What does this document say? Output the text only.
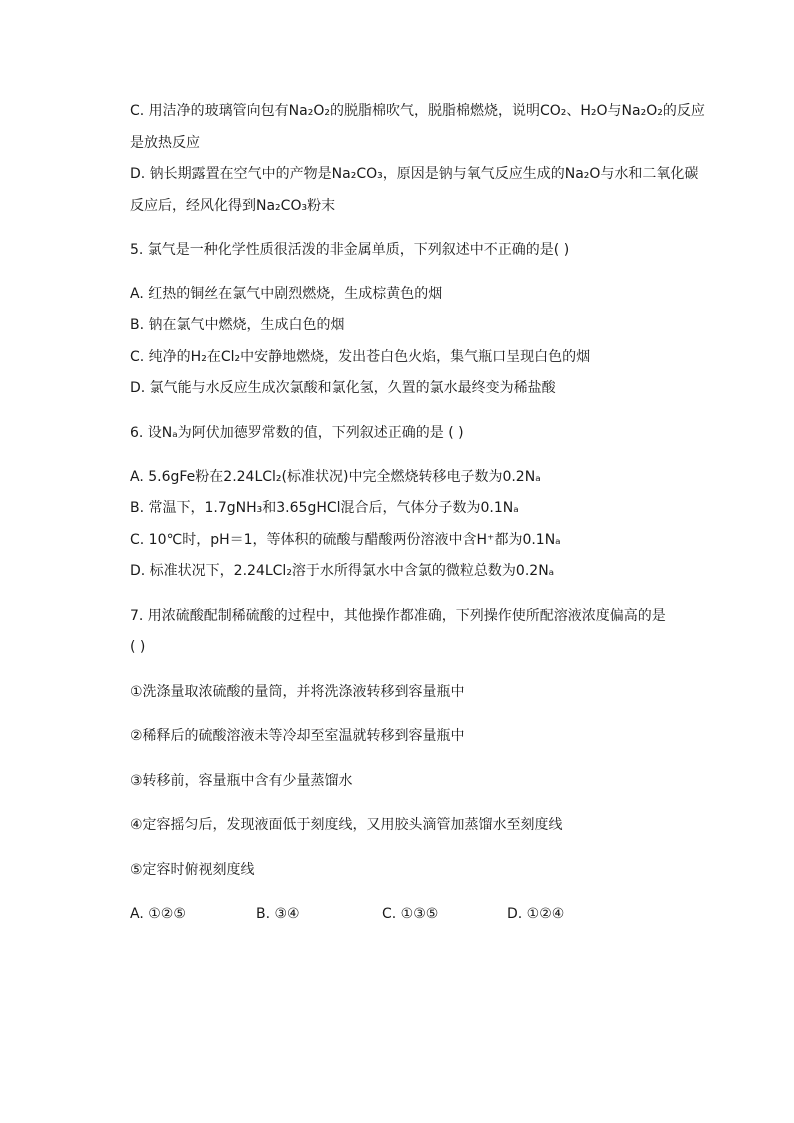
C. 用洁净的玻璃管向包有Na₂O₂的脱脂棉吹气，脱脂棉燃烧，说明CO₂、H₂O与Na₂O₂的反应
是放热反应
D. 钠长期露置在空气中的产物是Na₂CO₃，原因是钠与氧气反应生成的Na₂O与水和二氧化碳
反应后，经风化得到Na₂CO₃粉末
5. 氯气是一种化学性质很活泼的非金属单质，下列叙述中不正确的是( )
A. 红热的铜丝在氯气中剧烈燃烧，生成棕黄色的烟
B. 钠在氯气中燃烧，生成白色的烟
C. 纯净的H₂在Cl₂中安静地燃烧，发出苍白色火焰，集气瓶口呈现白色的烟
D. 氯气能与水反应生成次氯酸和氯化氢，久置的氯水最终变为稀盐酸
6. 设Nₐ为阿伏加德罗常数的值，下列叙述正确的是 ( )
A. 5.6gFe粉在2.24LCl₂(标准状况)中完全燃烧转移电子数为0.2Nₐ
B. 常温下，1.7gNH₃和3.65gHCl混合后，气体分子数为0.1Nₐ
C. 10℃时，pH＝1，等体积的硫酸与醋酸两份溶液中含H⁺都为0.1Nₐ
D. 标准状况下，2.24LCl₂溶于水所得氯水中含氯的微粒总数为0.2Nₐ
7. 用浓硫酸配制稀硫酸的过程中，其他操作都准确，下列操作使所配溶液浓度偏高的是
( )
①洗涤量取浓硫酸的量筒，并将洗涤液转移到容量瓶中
②稀释后的硫酸溶液未等冷却至室温就转移到容量瓶中
③转移前，容量瓶中含有少量蒸馏水
④定容摇匀后，发现液面低于刻度线，又用胶头滴管加蒸馏水至刻度线
⑤定容时俯视刻度线
A. ①②⑤	B. ③④	C. ①③⑤	D. ①②④
